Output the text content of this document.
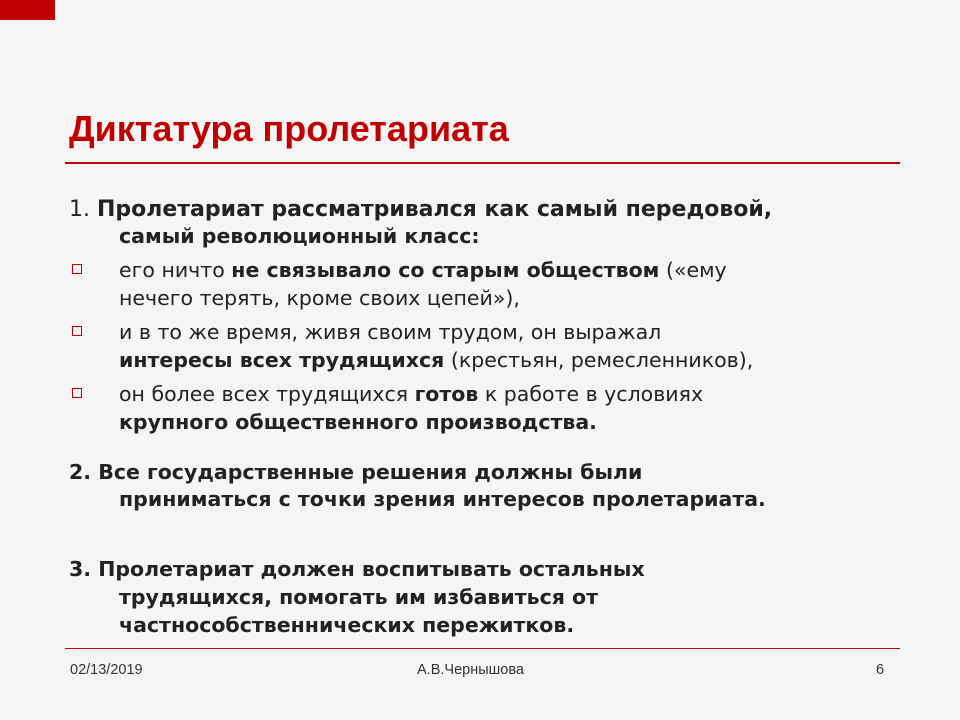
Диктатура пролетариата
1. Пролетариат рассматривался как самый передовой,
самый революционный класс:
его ничто не связывало со старым обществом («ему
нечего терять, кроме своих цепей»),
и в то же время, живя своим трудом, он выражал
интересы всех трудящихся (крестьян, ремесленников),
он более всех трудящихся готов к работе в условиях
крупного общественного производства.
2. Все государственные решения должны были
приниматься с точки зрения интересов пролетариата.
3. Пролетариат должен воспитывать остальных
трудящихся, помогать им избавиться от
частнособственнических пережитков.
02/13/2019	А.В.Чернышова	6
